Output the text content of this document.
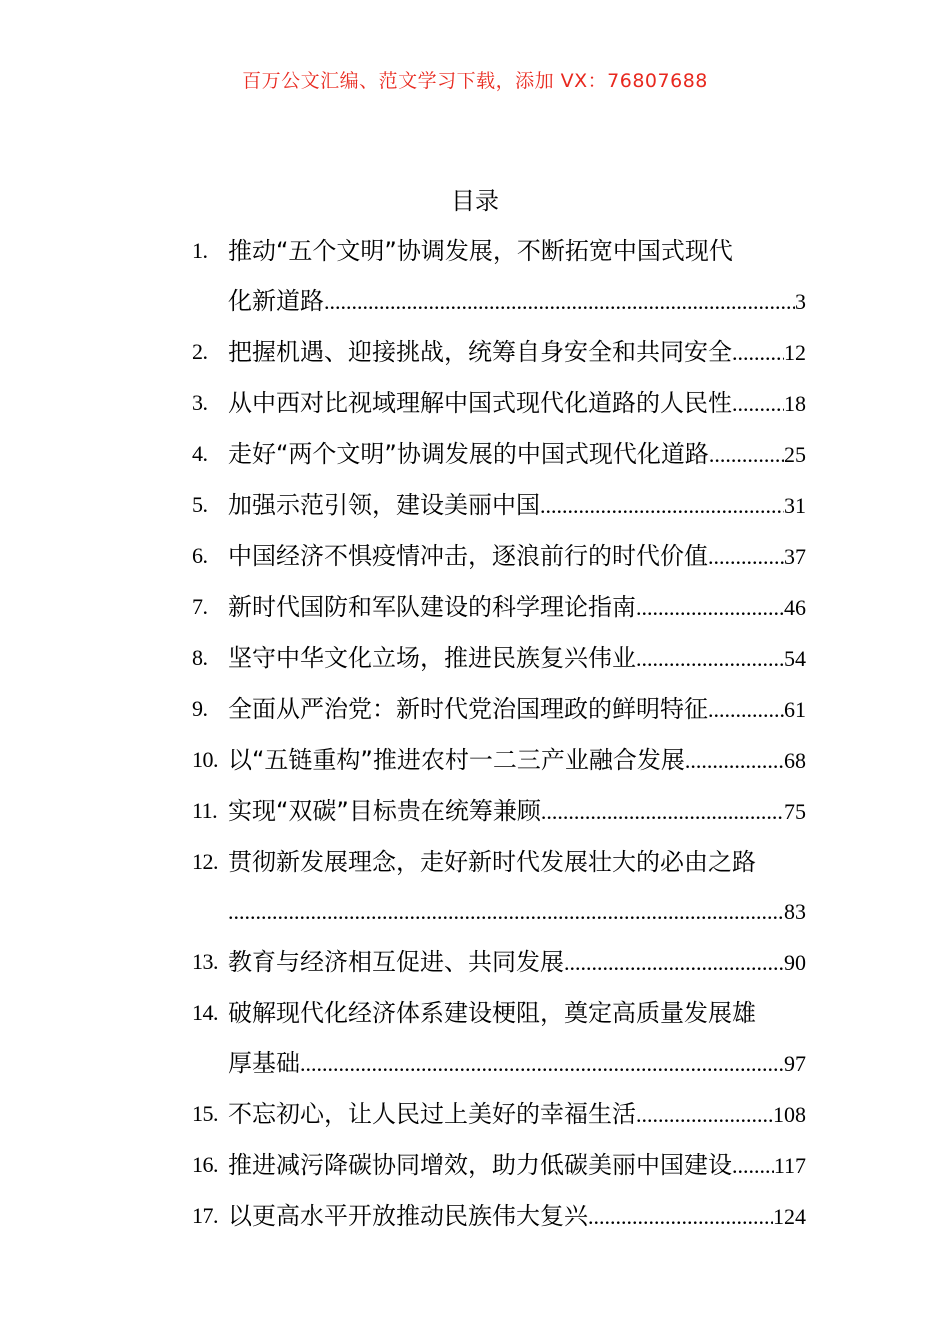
百万公文汇编、范文学习下载，添加 VX：76807688
目录
1. 推动“五个文明”协调发展，不断拓宽中国式现代
化新道路 .....	3
2. 把握机遇、迎接挑战，统筹自身安全和共同安全 ..... 12
3. 从中西对比视域理解中国式现代化道路的人民性 ..... 18
4. 走好“两个文明”协调发展的中国式现代化道路 .....	25
5. 加强示范引领，建设美丽中国 .....	31
6. 中国经济不惧疫情冲击，逐浪前行的时代价值 .....	37
7. 新时代国防和军队建设的科学理论指南 .....	46
8. 坚守中华文化立场，推进民族复兴伟业 .....	54
9. 全面从严治党：新时代党治国理政的鲜明特征 .....	61
10. 以“五链重构”推进农村一二三产业融合发展 .....	68
11. 实现“双碳”目标贵在统筹兼顾 .....	75
12. 贯彻新发展理念，走好新时代发展壮大的必由之路
.....
83
13. 教育与经济相互促进、共同发展 .....	90
14. 破解现代化经济体系建设梗阻，奠定高质量发展雄
厚基础 .....	97
15. 不忘初心，让人民过上美好的幸福生活 .....	108
16. 推进减污降碳协同增效，助力低碳美丽中国建设 ..... 117
17. 以更高水平开放推动民族伟大复兴 .....	124
